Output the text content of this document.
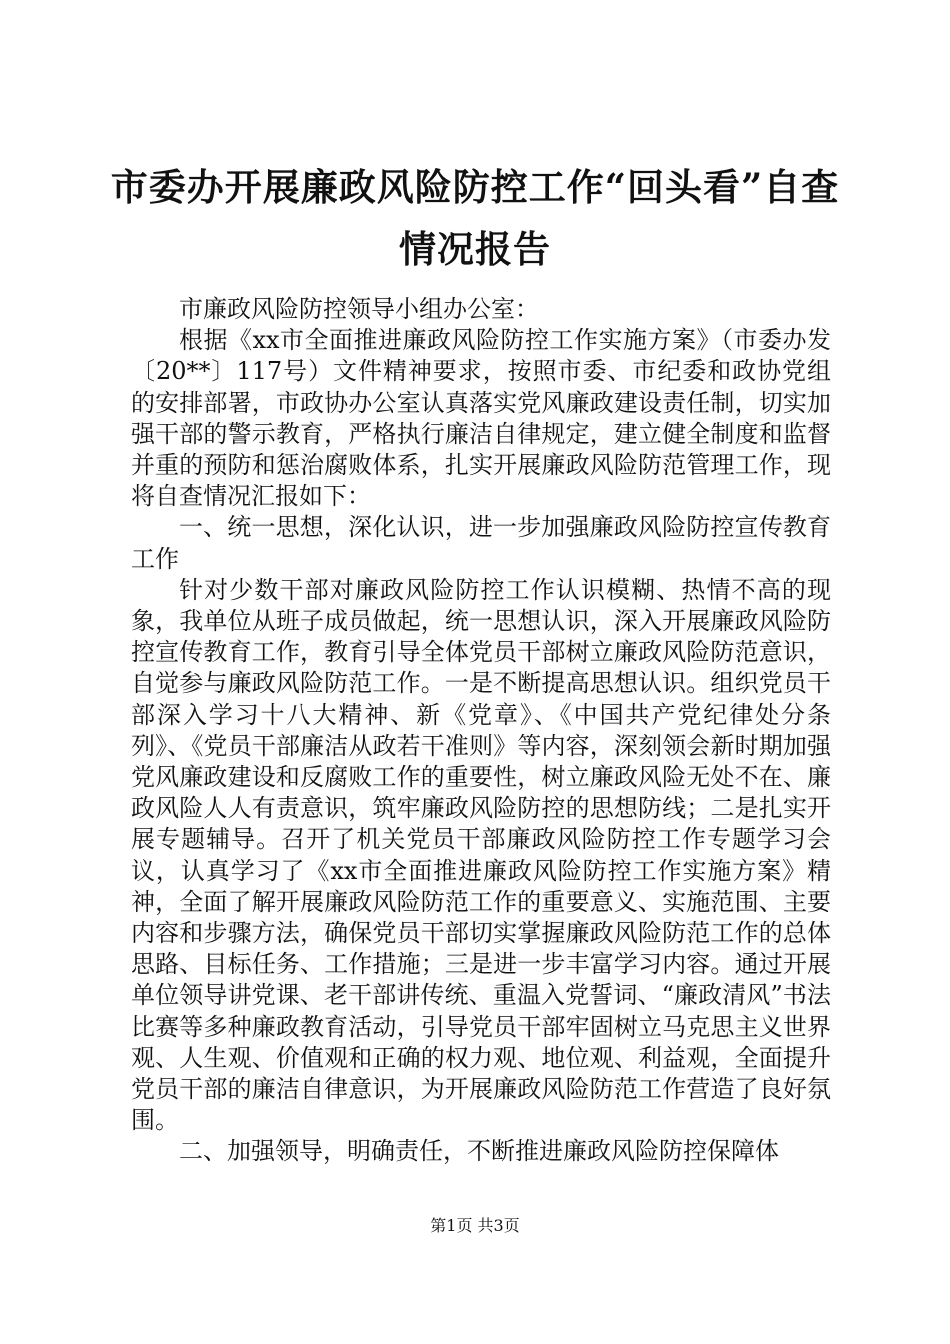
市委办开展廉政风险防控工作“回头看”自查情况报告

市廉政风险防控领导小组办公室：

根据《xx市全面推进廉政风险防控工作实施方案》（市委办发〔20**〕117号）文件精神要求，按照市委、市纪委和政协党组的安排部署，市政协办公室认真落实党风廉政建设责任制，切实加强干部的警示教育，严格执行廉洁自律规定，建立健全制度和监督并重的预防和惩治腐败体系，扎实开展廉政风险防范管理工作，现将自查情况汇报如下：

一、统一思想，深化认识，进一步加强廉政风险防控宣传教育工作

针对少数干部对廉政风险防控工作认识模糊、热情不高的现象，我单位从班子成员做起，统一思想认识，深入开展廉政风险防控宣传教育工作，教育引导全体党员干部树立廉政风险防范意识，自觉参与廉政风险防范工作。一是不断提高思想认识。组织党员干部深入学习十八大精神、新《党章》、《中国共产党纪律处分条列》、《党员干部廉洁从政若干准则》等内容，深刻领会新时期加强党风廉政建设和反腐败工作的重要性，树立廉政风险无处不在、廉政风险人人有责意识，筑牢廉政风险防控的思想防线；二是扎实开展专题辅导。召开了机关党员干部廉政风险防控工作专题学习会议，认真学习了《xx市全面推进廉政风险防控工作实施方案》精神，全面了解开展廉政风险防范工作的重要意义、实施范围、主要内容和步骤方法，确保党员干部切实掌握廉政风险防范工作的总体思路、目标任务、工作措施；三是进一步丰富学习内容。通过开展单位领导讲党课、老干部讲传统、重温入党誓词、“廉政清风”书法比赛等多种廉政教育活动，引导党员干部牢固树立马克思主义世界观、人生观、价值观和正确的权力观、地位观、利益观，全面提升党员干部的廉洁自律意识，为开展廉政风险防范工作营造了良好氛围。

二、加强领导，明确责任，不断推进廉政风险防控保障体

第1页 共3页
